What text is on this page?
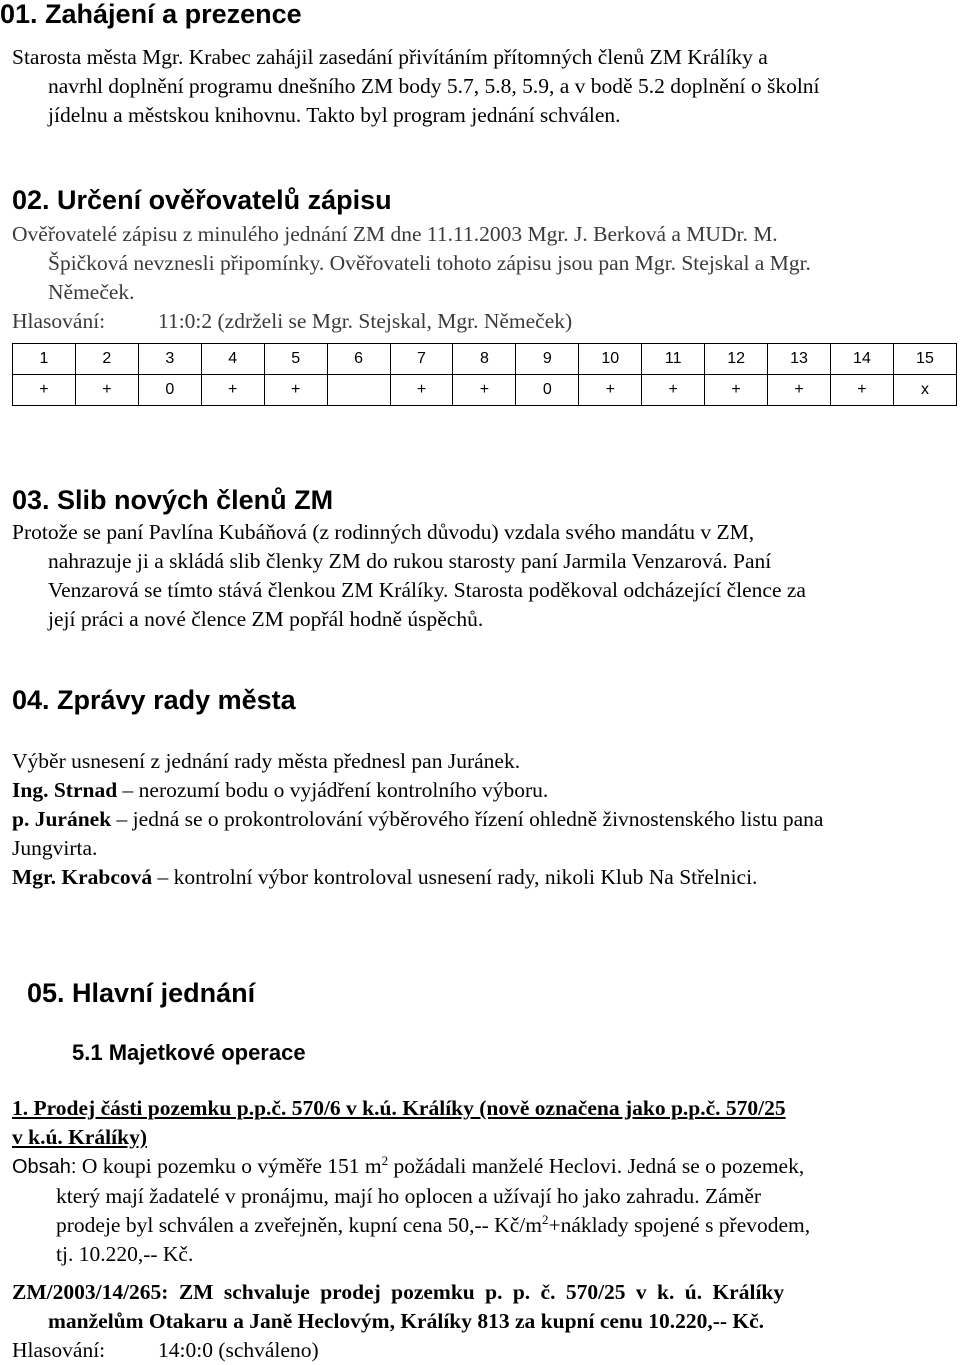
01. Zahájení a prezence
Starosta města Mgr. Krabec zahájil zasedání přivítáním přítomných členů ZM Králíky a
navrhl doplnění programu dnešního ZM body 5.7, 5.8, 5.9, a v bodě 5.2 doplnění o školní
jídelnu a městskou knihovnu. Takto byl program jednání schválen.
02. Určení ověřovatelů zápisu
Ověřovatelé zápisu z minulého jednání ZM dne 11.11.2003 Mgr. J. Berková a MUDr. M.
Špičková nevznesli připomínky. Ověřovateli tohoto zápisu jsou pan Mgr. Stejskal a Mgr.
Němeček.
Hlasování: 11:0:2 (zdrželi se Mgr. Stejskal, Mgr. Němeček)
1	2	3	4	5	6	7	8	9	10	11	12	13	14	15
+	+	0	+	+		+	+	0	+	+	+	+	+	x
03. Slib nových členů ZM
Protože se paní Pavlína Kubáňová (z rodinných důvodu) vzdala svého mandátu v ZM,
nahrazuje ji a skládá slib členky ZM do rukou starosty paní Jarmila Venzarová. Paní
Venzarová se tímto stává členkou ZM Králíky. Starosta poděkoval odcházející člence za
její práci a nové člence ZM popřál hodně úspěchů.
04. Zprávy rady města
Výběr usnesení z jednání rady města přednesl pan Juránek.
Ing. Strnad – nerozumí bodu o vyjádření kontrolního výboru.
p. Juránek – jedná se o prokontrolování výběrového řízení ohledně živnostenského listu pana
Jungvirta.
Mgr. Krabcová – kontrolní výbor kontroloval usnesení rady, nikoli Klub Na Střelnici.
05. Hlavní jednání
5.1 Majetkové operace
1. Prodej části pozemku p.p.č. 570/6 v k.ú. Králíky (nově označena jako p.p.č. 570/25
v k.ú. Králíky)
Obsah: O koupi pozemku o výměře 151 $m^2$ požádali manželé Heclovi. Jedná se o pozemek,
který mají žadatelé v pronájmu, mají ho oplocen a užívají ho jako zahradu. Záměr
prodeje byl schválen a zveřejněn, kupní cena 50,-- $Kč/m^2+náklady$ spojené s převodem,
tj. 10.220,-- Kč.
ZM/2003/14/265: ZM schvaluje prodej pozemku p. p. č. 570/25 v k. ú. Králíky
manželům Otakaru a Janě Heclovým, Králíky 813 za kupní cenu 10.220,-- Kč.
Hlasování: 14:0:0 (schváleno)
